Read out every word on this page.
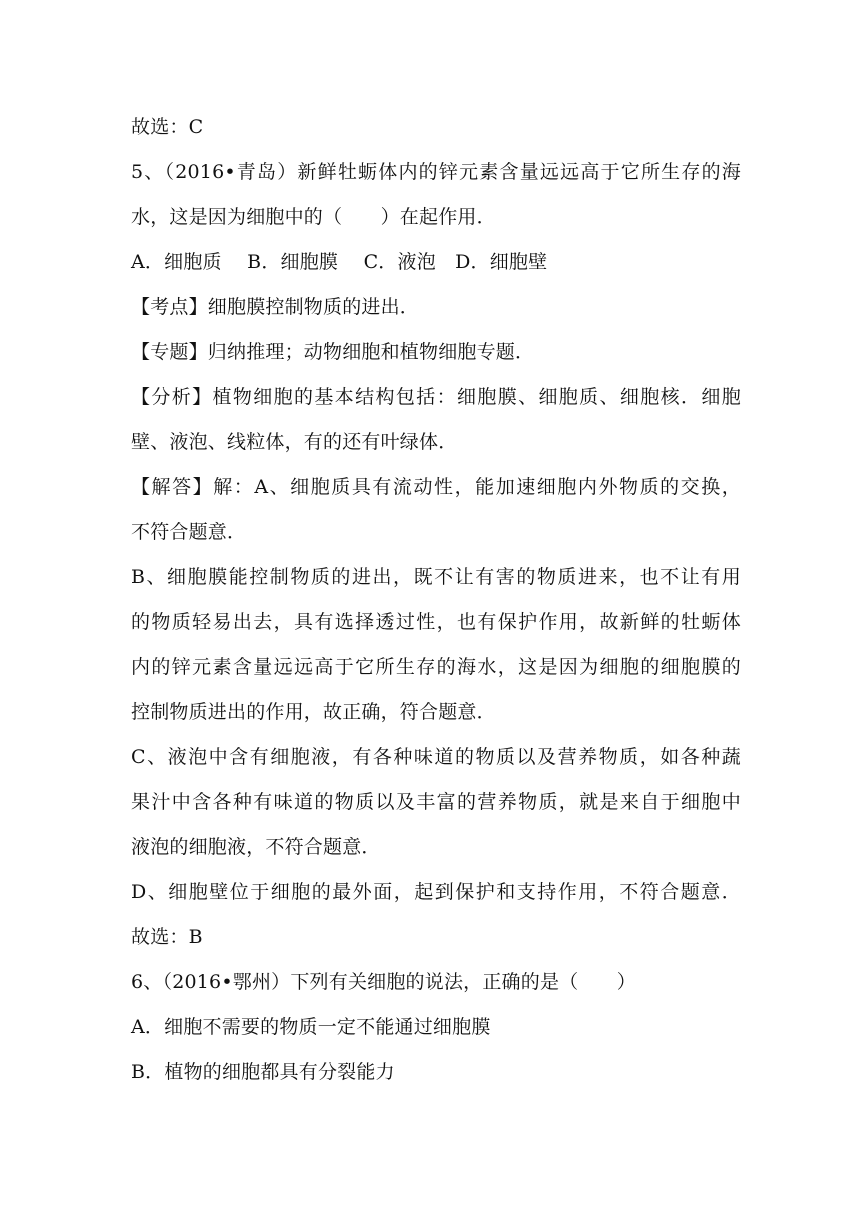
故选：C
5、（2016•青岛）新鲜牡蛎体内的锌元素含量远远高于它所生存的海
水，这是因为细胞中的（　　）在起作用．
A．细胞质　 B．细胞膜　 C．液泡　D．细胞壁
【考点】细胞膜控制物质的进出．
【专题】归纳推理；动物细胞和植物细胞专题．
【分析】植物细胞的基本结构包括：细胞膜、细胞质、细胞核．细胞
壁、液泡、线粒体，有的还有叶绿体．
【解答】解：A、细胞质具有流动性，能加速细胞内外物质的交换，
不符合题意．
B、细胞膜能控制物质的进出，既不让有害的物质进来，也不让有用
的物质轻易出去，具有选择透过性，也有保护作用，故新鲜的牡蛎体
内的锌元素含量远远高于它所生存的海水，这是因为细胞的细胞膜的
控制物质进出的作用，故正确，符合题意．
C、液泡中含有细胞液，有各种味道的物质以及营养物质，如各种蔬
果汁中含各种有味道的物质以及丰富的营养物质，就是来自于细胞中
液泡的细胞液，不符合题意．
D、细胞壁位于细胞的最外面，起到保护和支持作用，不符合题意．
故选：B
6、（2016•鄂州）下列有关细胞的说法，正确的是（　　）
A．细胞不需要的物质一定不能通过细胞膜
B．植物的细胞都具有分裂能力
